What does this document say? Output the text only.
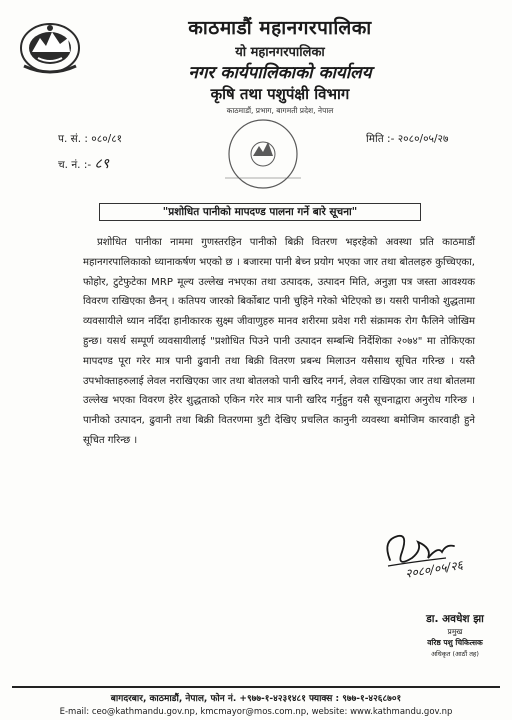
काठमाडौं महानगरपालिका
यो महानगरपालिका
नगर कार्यपालिकाको कार्यालय
कृषि तथा पशुपंक्षी विभाग
काठमाडौं, प्रभाग, बागमती प्रदेश, नेपाल
प. सं. : ०८०/८१
च. नं. :- ८९
मिति :- २०८०/०५/२७
"प्रशोधित पानीको मापदण्ड पालना गर्ने बारे सूचना"
प्रशोधित पानीका नाममा गुणस्तरहिन पानीको बिक्री वितरण भइरहेको अवस्था प्रति काठमाडौं महानगरपालिकाको ध्यानाकर्षण भएको छ । बजारमा पानी बेच्न प्रयोग भएका जार तथा बोतलहरु कुच्चिएका, फोहोर, टुटेफुटेका MRP मूल्य उल्लेख नभएका तथा उत्पादक, उत्पादन मिति, अनुज्ञा पत्र जस्ता आवश्यक विवरण राखिएका छैनन् । कतिपय जारको बिर्कोबाट पानी चुहिने गरेको भेटिएको छ। यसरी पानीको शुद्धतामा व्यवसायीले ध्यान नदिँदा हानीकारक सुक्ष्म जीवाणुहरु मानव शरीरमा प्रवेश गरी संक्रामक रोग फैलिने जोखिम हुन्छ। यसर्थ सम्पूर्ण व्यवसायीलाई "प्रशोधित पिउने पानी उत्पादन सम्बन्धि निर्देशिका २०७४" मा तोकिएका मापदण्ड पूरा गरेर मात्र पानी ढुवानी तथा बिक्री वितरण प्रबन्ध मिलाउन यसैसाथ सूचित गरिन्छ । यस्तै उपभोक्ताहरुलाई लेवल नराखिएका जार तथा बोतलको पानी खरिद नगर्न, लेवल राखिएका जार तथा बोतलमा उल्लेख भएका विवरण हेरेर शुद्धताको एकिन गरेर मात्र पानी खरिद गर्नुहुन यसै सूचनाद्वारा अनुरोध गरिन्छ । पानीको उत्पादन, ढुवानी तथा बिक्री वितरणमा त्रुटी देखिए प्रचलित कानुनी व्यवस्था बमोजिम कारवाही हुने सूचित गरिन्छ ।
२०८०/०५/२६
डा. अवधेश झा
प्रमुख
वरिष्ठ पशु चिकित्सक
अधिकृत (आठौं तह)
बागदरबार, काठमाडौं, नेपाल, फोन नं. +९७७-१-४२३१४८१ फ्याक्स : ९७७-१-४२६८७०१
E-mail: ceo@kathmandu.gov.np, kmcmayor@mos.com.np, website: www.kathmandu.gov.np
